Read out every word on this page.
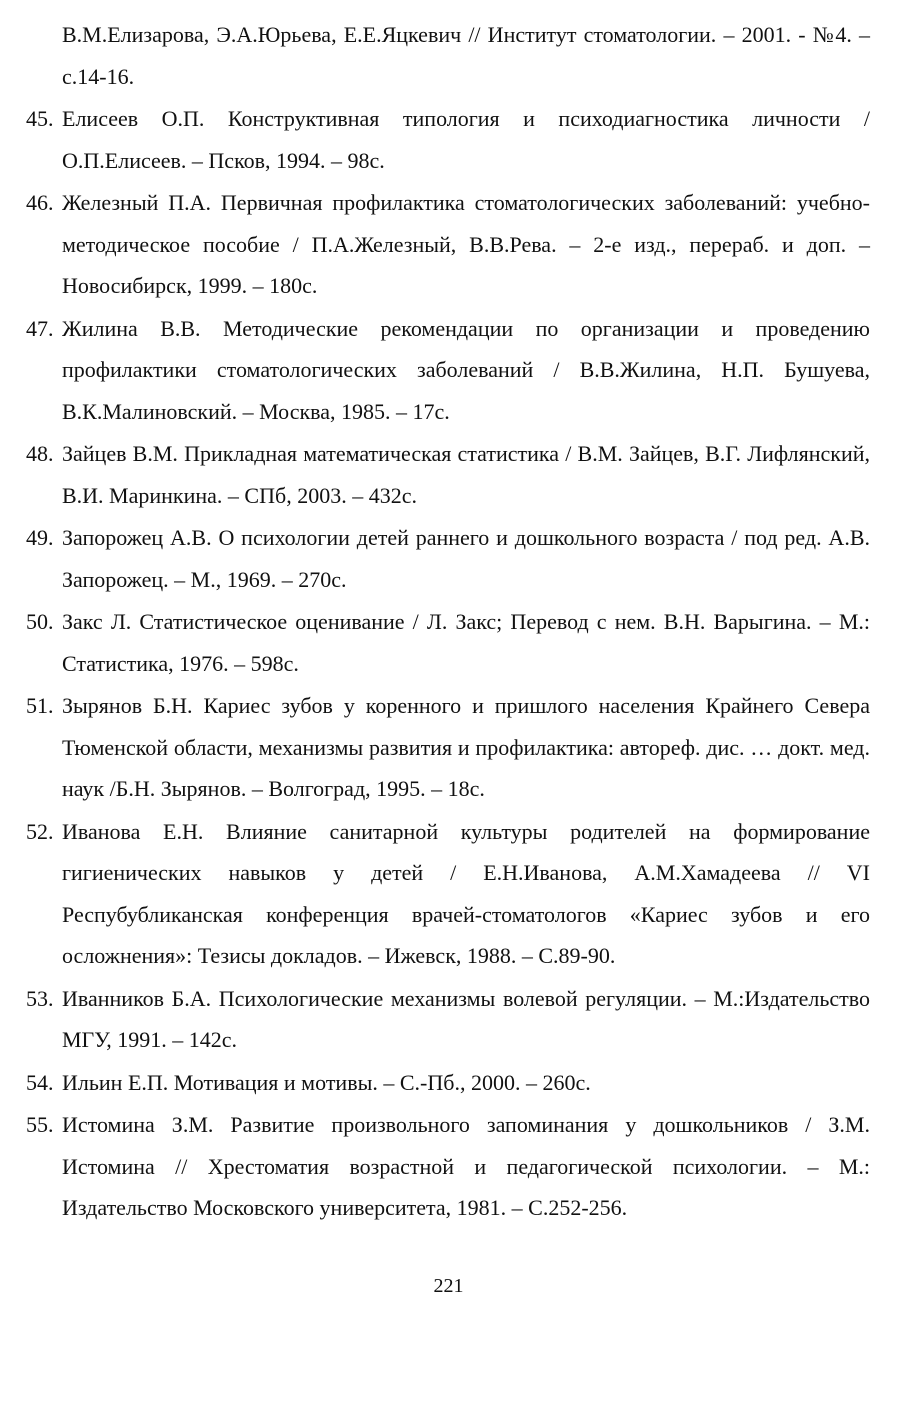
В.М.Елизарова, Э.А.Юрьева, Е.Е.Яцкевич // Институт стоматологии. – 2001. - №4. – с.14-16.
45. Елисеев О.П. Конструктивная типология и психодиагностика личности / О.П.Елисеев. – Псков, 1994. – 98с.
46. Железный П.А. Первичная профилактика стоматологических заболеваний: учебно-методическое пособие / П.А.Железный, В.В.Рева. – 2-е изд., перераб. и доп. – Новосибирск, 1999. – 180с.
47. Жилина В.В. Методические рекомендации по организации и проведению профилактики стоматологических заболеваний / В.В.Жилина, Н.П. Бушуева, В.К.Малиновский. – Москва, 1985. – 17с.
48. Зайцев В.М. Прикладная математическая статистика / В.М. Зайцев, В.Г. Лифлянский, В.И. Маринкина. – СПб, 2003. – 432с.
49. Запорожец А.В. О психологии детей раннего и дошкольного возраста / под ред. А.В. Запорожец. – М., 1969. – 270с.
50. Закс Л. Статистическое оценивание / Л. Закс; Перевод с нем. В.Н. Варыгина. – М.: Статистика, 1976. – 598с.
51. Зырянов Б.Н. Кариес зубов у коренного и пришлого населения Крайнего Севера Тюменской области, механизмы развития и профилактика: автореф. дис. … докт. мед. наук /Б.Н. Зырянов. – Волгоград, 1995. – 18с.
52. Иванова Е.Н. Влияние санитарной культуры родителей на формирование гигиенических навыков у детей / Е.Н.Иванова, А.М.Хамадеева // VI Респубубликанская конференция врачей-стоматологов «Кариес зубов и его осложнения»: Тезисы докладов. – Ижевск, 1988. – С.89-90.
53. Иванников Б.А. Психологические механизмы волевой регуляции. – М.:Издательство МГУ, 1991. – 142с.
54. Ильин Е.П. Мотивация и мотивы. – С.-Пб., 2000. – 260с.
55. Истомина З.М. Развитие произвольного запоминания у дошкольников / З.М. Истомина // Хрестоматия возрастной и педагогической психологии. – М.: Издательство Московского университета, 1981. – С.252-256.
221
